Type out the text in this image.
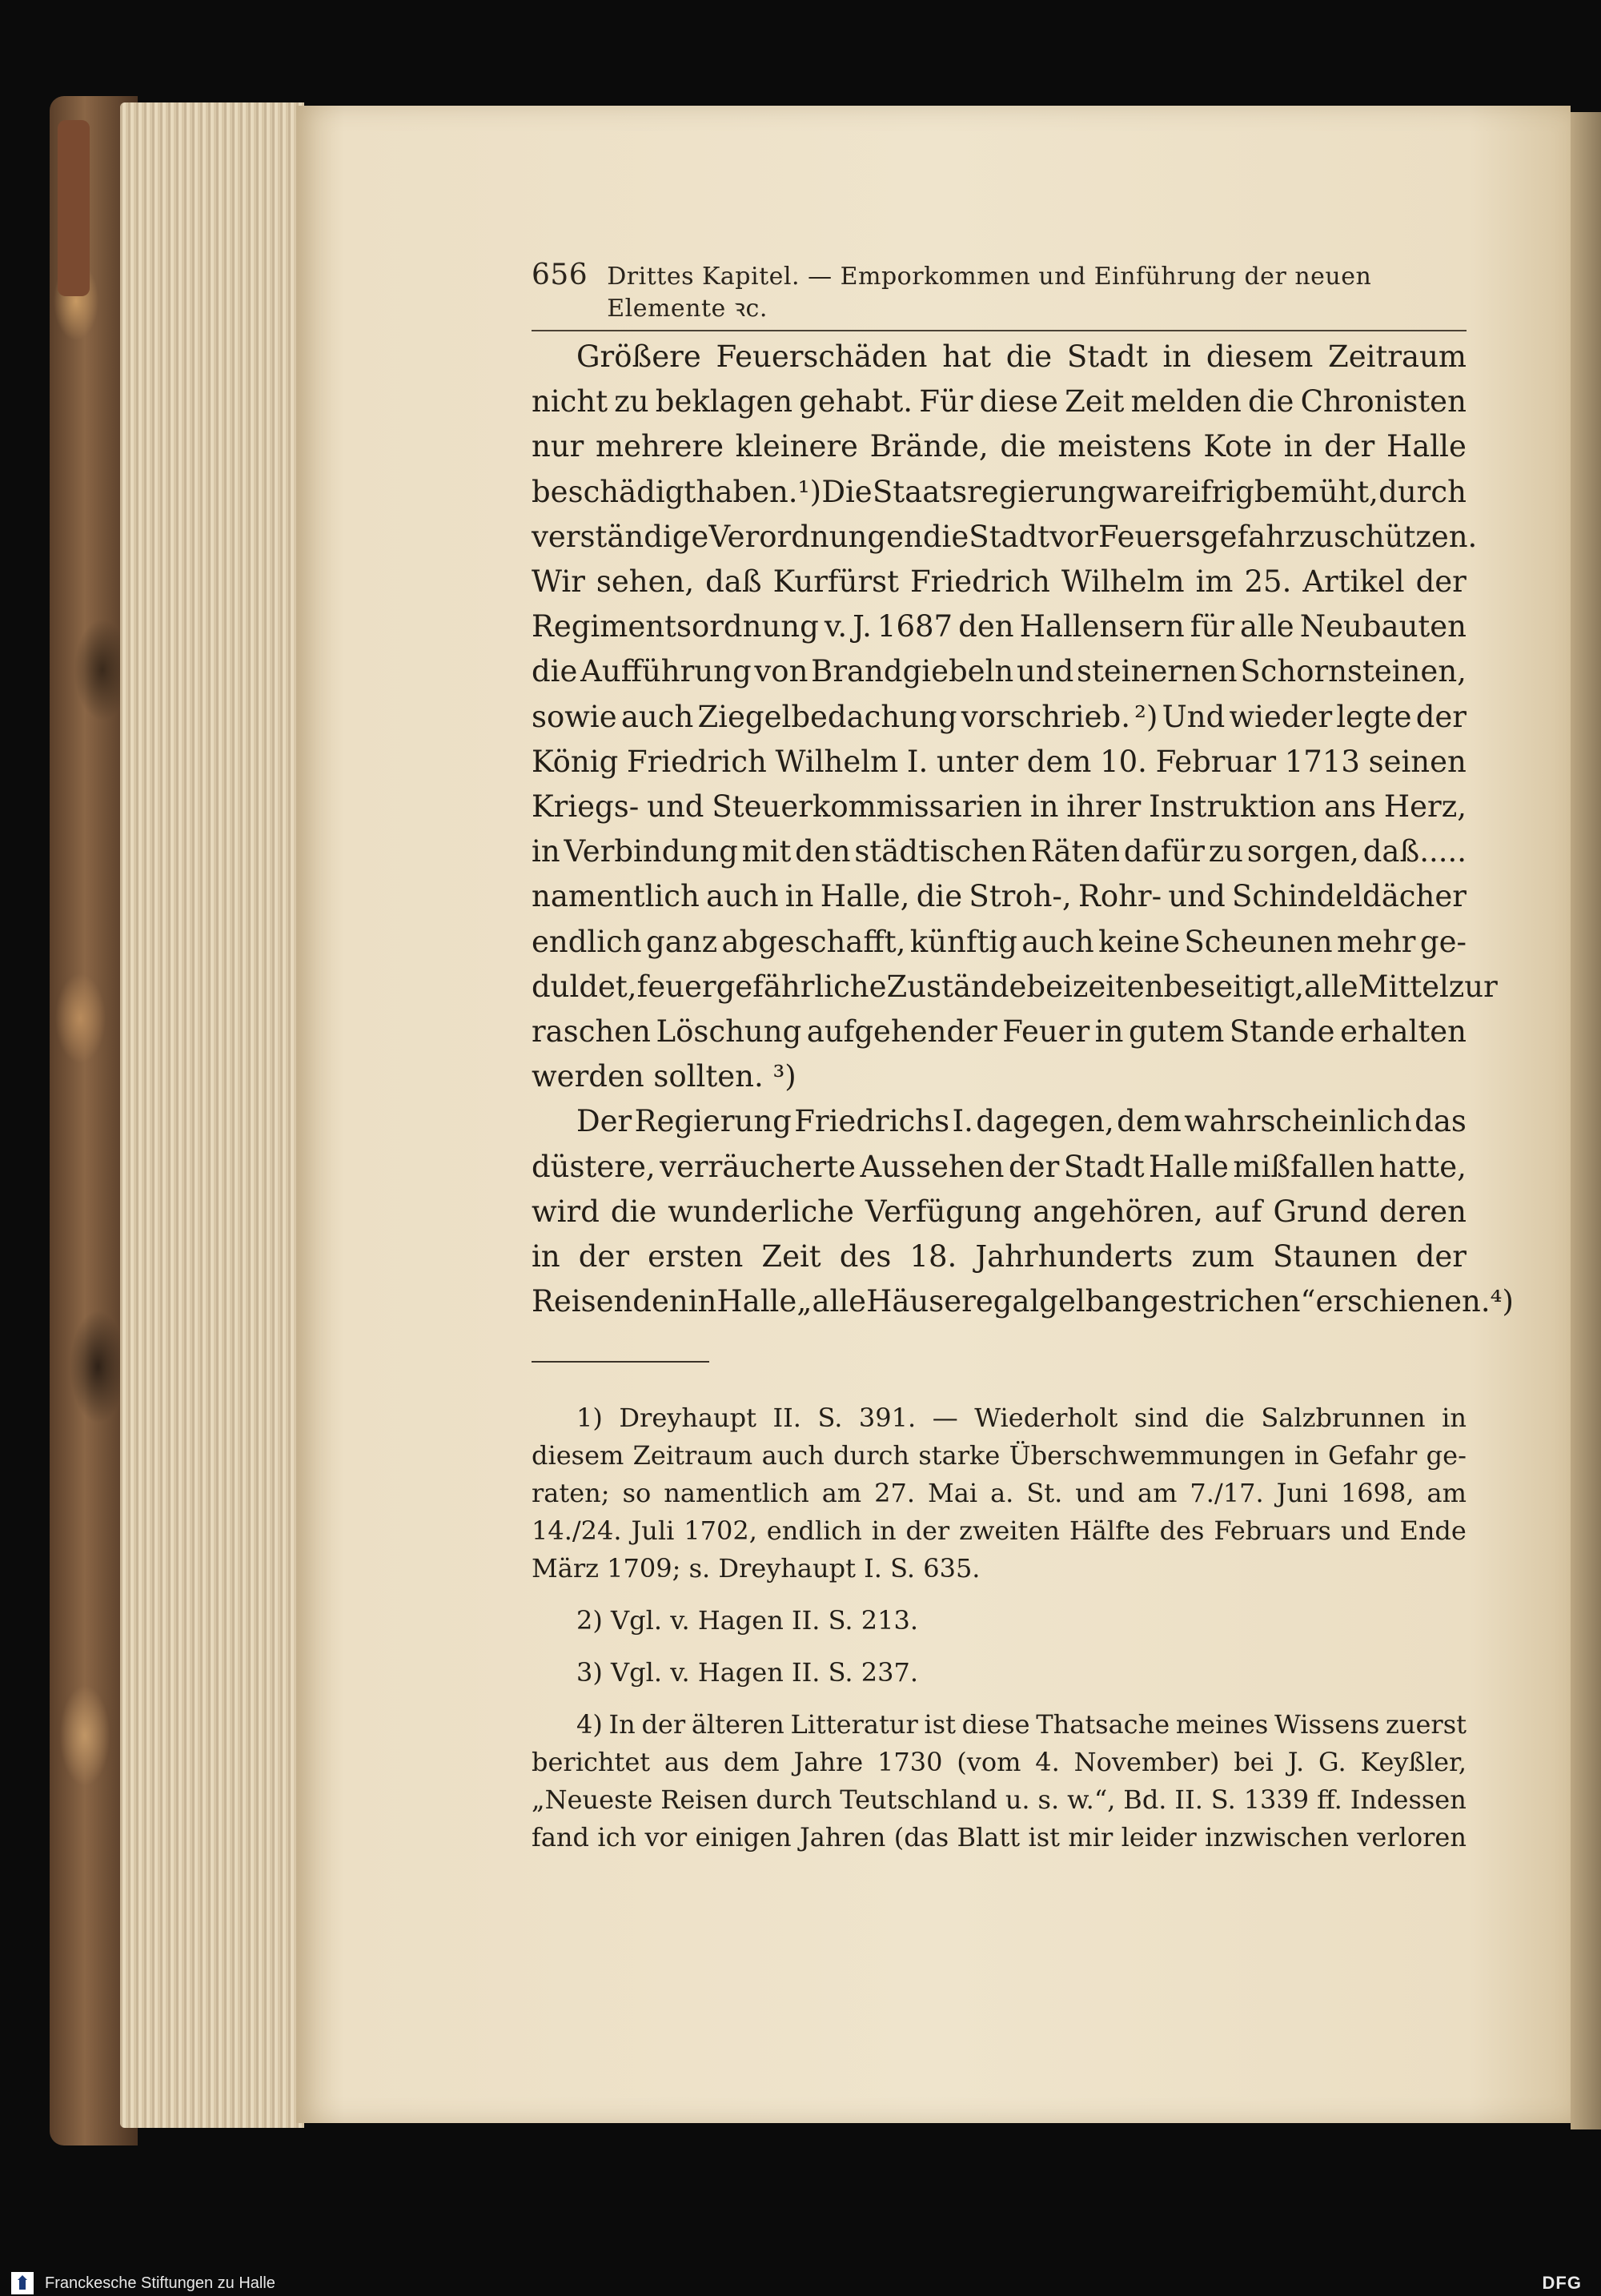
656 Drittes Kapitel. — Emporkommen und Einführung der neuen Elemente ꝛc.
Größere Feuerschäden hat die Stadt in diesem Zeitraum
nicht zu beklagen gehabt. Für diese Zeit melden die Chronisten
nur mehrere kleinere Brände, die meistens Kote in der Halle
beschädigt haben. ¹) Die Staatsregierung war eifrig bemüht, durch
verständige Verordnungen die Stadt vor Feuersgefahr zu schützen.
Wir sehen, daß Kurfürst Friedrich Wilhelm im 25. Artikel der
Regimentsordnung v. J. 1687 den Hallensern für alle Neubauten
die Aufführung von Brandgiebeln und steinernen Schornsteinen,
sowie auch Ziegelbedachung vorschrieb. ²) Und wieder legte der
König Friedrich Wilhelm I. unter dem 10. Februar 1713 seinen
Kriegs- und Steuerkommissarien in ihrer Instruktion ans Herz,
in Verbindung mit den städtischen Räten dafür zu sorgen, daß.....
namentlich auch in Halle, die Stroh-, Rohr- und Schindeldächer
endlich ganz abgeschafft, künftig auch keine Scheunen mehr ge-
duldet, feuergefährliche Zustände beizeiten beseitigt, alle Mittel zur
raschen Löschung aufgehender Feuer in gutem Stande erhalten
werden sollten. ³)
Der Regierung Friedrichs I. dagegen, dem wahrscheinlich das
düstere, verräucherte Aussehen der Stadt Halle mißfallen hatte,
wird die wunderliche Verfügung angehören, auf Grund deren
in der ersten Zeit des 18. Jahrhunderts zum Staunen der
Reisenden in Halle „alle Häuser egal gelb angestrichen“ erschienen. ⁴)
1) Dreyhaupt II. S. 391. — Wiederholt sind die Salzbrunnen in
diesem Zeitraum auch durch starke Überschwemmungen in Gefahr ge-
raten; so namentlich am 27. Mai a. St. und am 7./17. Juni 1698, am
14./24. Juli 1702, endlich in der zweiten Hälfte des Februars und Ende
März 1709; s. Dreyhaupt I. S. 635.
2) Vgl. v. Hagen II. S. 213.
3) Vgl. v. Hagen II. S. 237.
4) In der älteren Litteratur ist diese Thatsache meines Wissens zuerst
berichtet aus dem Jahre 1730 (vom 4. November) bei J. G. Keyßler,
„Neueste Reisen durch Teutschland u. s. w.“, Bd. II. S. 1339 ff. Indessen
fand ich vor einigen Jahren (das Blatt ist mir leider inzwischen verloren
Franckesche Stiftungen zu Halle	DFG
